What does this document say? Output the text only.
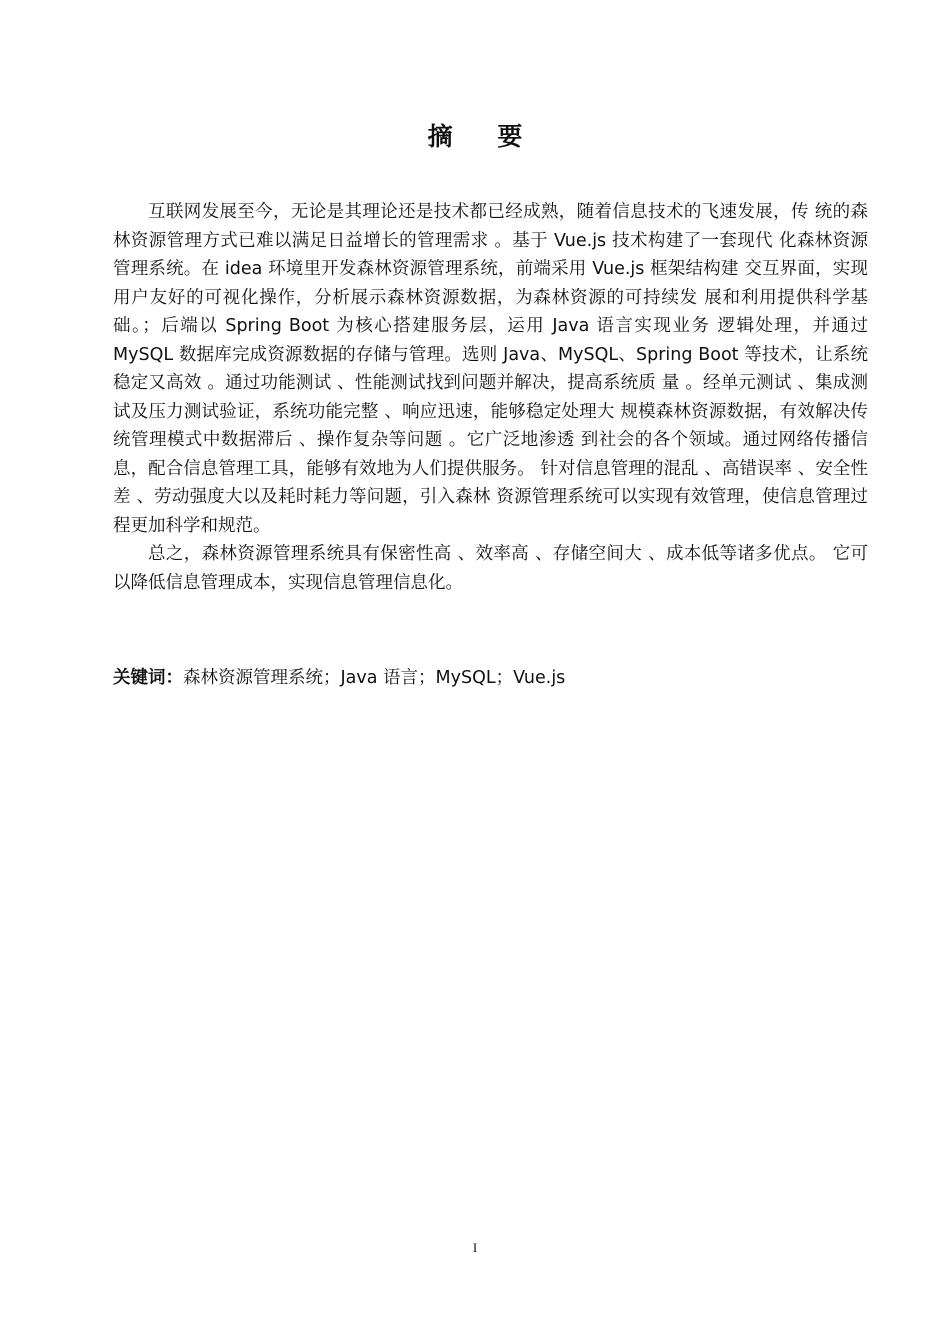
摘 要

互联网发展至今，无论是其理论还是技术都已经成熟，随着信息技术的飞速发展，传 统的森林资源管理方式已难以满足日益增长的管理需求 。基于 Vue.js 技术构建了一套现代 化森林资源管理系统。在 idea 环境里开发森林资源管理系统，前端采用 Vue.js 框架结构建 交互界面，实现用户友好的可视化操作，分析展示森林资源数据，为森林资源的可持续发 展和利用提供科学基础。；后端以 Spring Boot 为核心搭建服务层，运用 Java 语言实现业务 逻辑处理，并通过 MySQL 数据库完成资源数据的存储与管理。选则 Java、MySQL、Spring Boot 等技术，让系统稳定又高效 。通过功能测试 、性能测试找到问题并解决，提高系统质 量 。经单元测试 、集成测试及压力测试验证，系统功能完整 、响应迅速，能够稳定处理大 规模森林资源数据，有效解决传统管理模式中数据滞后 、操作复杂等问题 。它广泛地渗透 到社会的各个领域。通过网络传播信息，配合信息管理工具，能够有效地为人们提供服务。 针对信息管理的混乱 、高错误率 、安全性差 、劳动强度大以及耗时耗力等问题，引入森林 资源管理系统可以实现有效管理，使信息管理过程更加科学和规范。

总之，森林资源管理系统具有保密性高 、效率高 、存储空间大 、成本低等诸多优点。 它可以降低信息管理成本，实现信息管理信息化。

关键词：森林资源管理系统；Java 语言；MySQL；Vue.js
I
